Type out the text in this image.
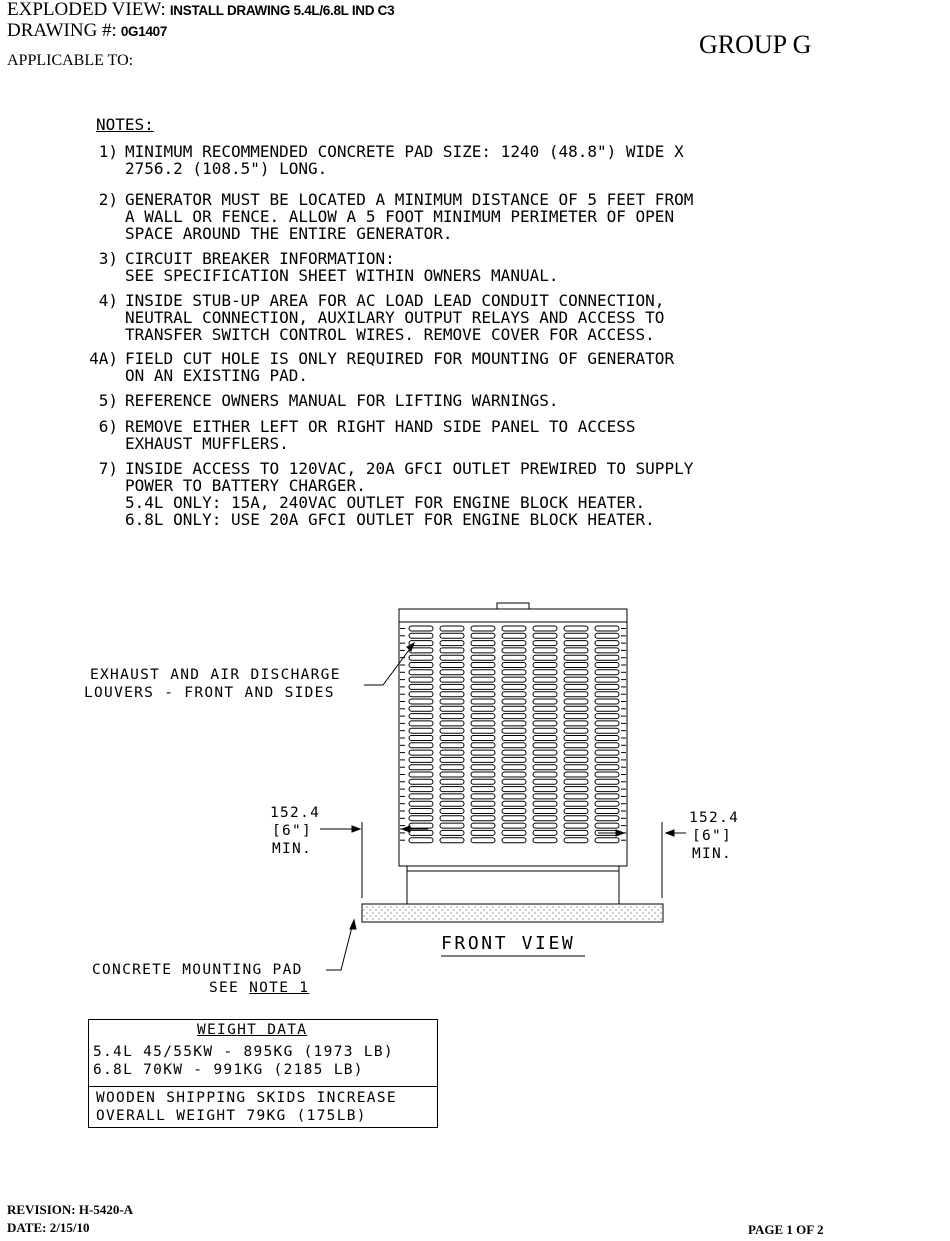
EXPLODED VIEW: INSTALL DRAWING 5.4L/6.8L IND C3
DRAWING #: 0G1407
APPLICABLE TO:
GROUP G
NOTES:
1) MINIMUM RECOMMENDED CONCRETE PAD SIZE: 1240 (48.8") WIDE X
2756.2 (108.5") LONG.
2) GENERATOR MUST BE LOCATED A MINIMUM DISTANCE OF 5 FEET FROM
A WALL OR FENCE. ALLOW A 5 FOOT MINIMUM PERIMETER OF OPEN
SPACE AROUND THE ENTIRE GENERATOR.
3) CIRCUIT BREAKER INFORMATION:
SEE SPECIFICATION SHEET WITHIN OWNERS MANUAL.
4) INSIDE STUB-UP AREA FOR AC LOAD LEAD CONDUIT CONNECTION,
NEUTRAL CONNECTION, AUXILARY OUTPUT RELAYS AND ACCESS TO
TRANSFER SWITCH CONTROL WIRES. REMOVE COVER FOR ACCESS.
4A) FIELD CUT HOLE IS ONLY REQUIRED FOR MOUNTING OF GENERATOR
ON AN EXISTING PAD.
5) REFERENCE OWNERS MANUAL FOR LIFTING WARNINGS.
6) REMOVE EITHER LEFT OR RIGHT HAND SIDE PANEL TO ACCESS
EXHAUST MUFFLERS.
7) INSIDE ACCESS TO 120VAC, 20A GFCI OUTLET PREWIRED TO SUPPLY
POWER TO BATTERY CHARGER.
5.4L ONLY: 15A, 240VAC OUTLET FOR ENGINE BLOCK HEATER.
6.8L ONLY: USE 20A GFCI OUTLET FOR ENGINE BLOCK HEATER.
EXHAUST AND AIR DISCHARGE
LOUVERS - FRONT AND SIDES
152.4
[6"]
MIN.
152.4
[6"]
MIN.
FRONT VIEW
CONCRETE MOUNTING PAD
SEE NOTE 1
WEIGHT DATA
5.4L 45/55KW - 895KG (1973 LB)
6.8L 70KW - 991KG (2185 LB)
WOODEN SHIPPING SKIDS INCREASE
OVERALL WEIGHT 79KG (175LB)
REVISION: H-5420-A
DATE: 2/15/10	PAGE 1 OF 2
